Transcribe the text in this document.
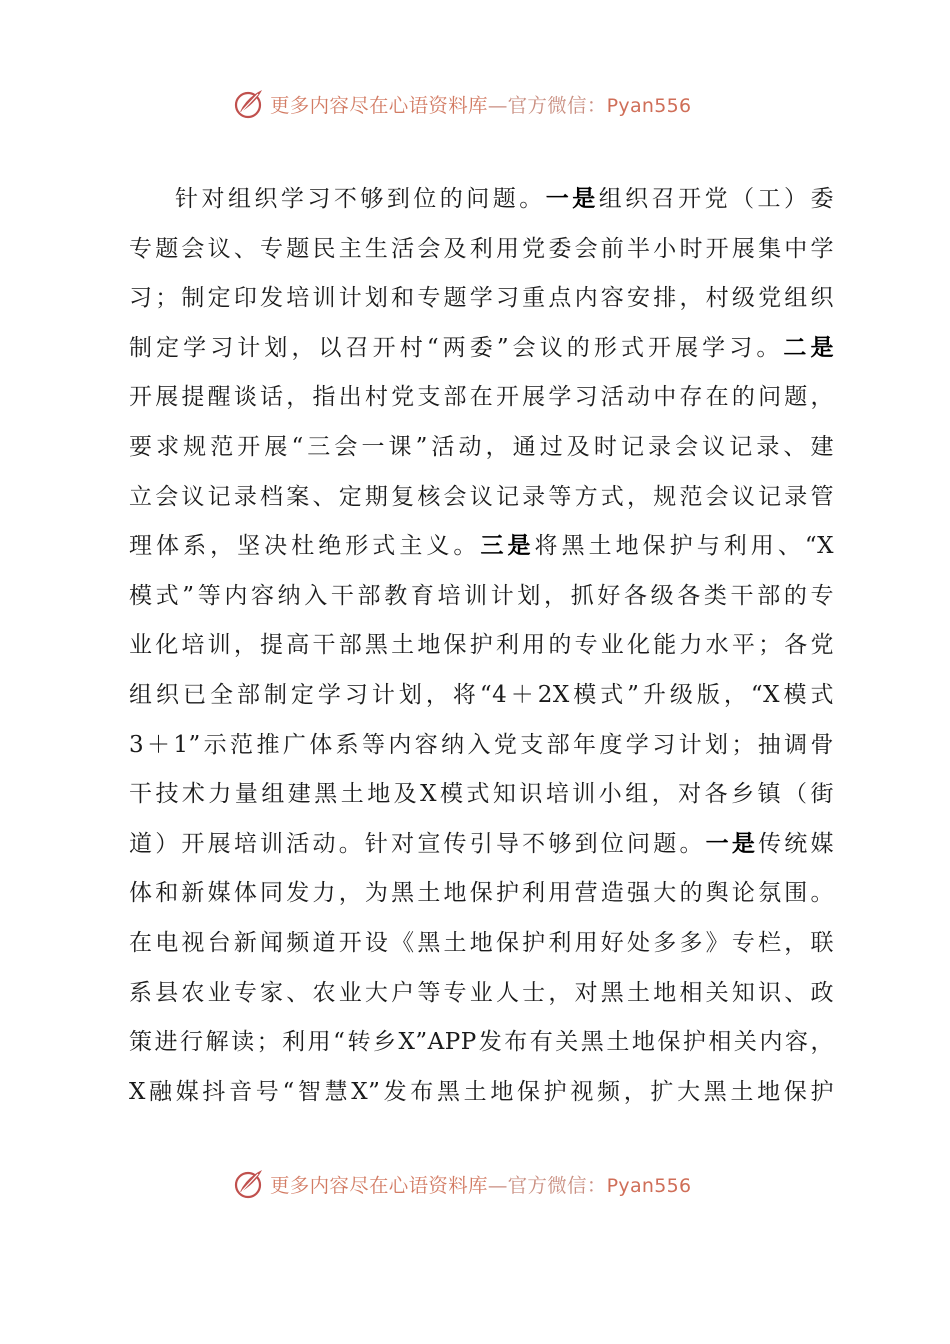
更多内容尽在心语资料库—官方微信：Pyan556
针对组织学习不够到位的问题。一是组织召开党（工）委
专题会议、专题民主生活会及利用党委会前半小时开展集中学
习；制定印发培训计划和专题学习重点内容安排，村级党组织
制定学习计划，以召开村“两委”会议的形式开展学习。二是
开展提醒谈话，指出村党支部在开展学习活动中存在的问题，
要求规范开展“三会一课”活动，通过及时记录会议记录、建
立会议记录档案、定期复核会议记录等方式，规范会议记录管
理体系，坚决杜绝形式主义。三是将黑土地保护与利用、“X
模式”等内容纳入干部教育培训计划，抓好各级各类干部的专
业化培训，提高干部黑土地保护利用的专业化能力水平；各党
组织已全部制定学习计划，将“4＋2X模式”升级版，“X模式
3＋1”示范推广体系等内容纳入党支部年度学习计划；抽调骨
干技术力量组建黑土地及X模式知识培训小组，对各乡镇（街
道）开展培训活动。针对宣传引导不够到位问题。一是传统媒
体和新媒体同发力，为黑土地保护利用营造强大的舆论氛围。
在电视台新闻频道开设《黑土地保护利用好处多多》专栏，联
系县农业专家、农业大户等专业人士，对黑土地相关知识、政
策进行解读；利用“转乡X”APP发布有关黑土地保护相关内容，
X融媒抖音号“智慧X”发布黑土地保护视频，扩大黑土地保护
更多内容尽在心语资料库—官方微信：Pyan556
